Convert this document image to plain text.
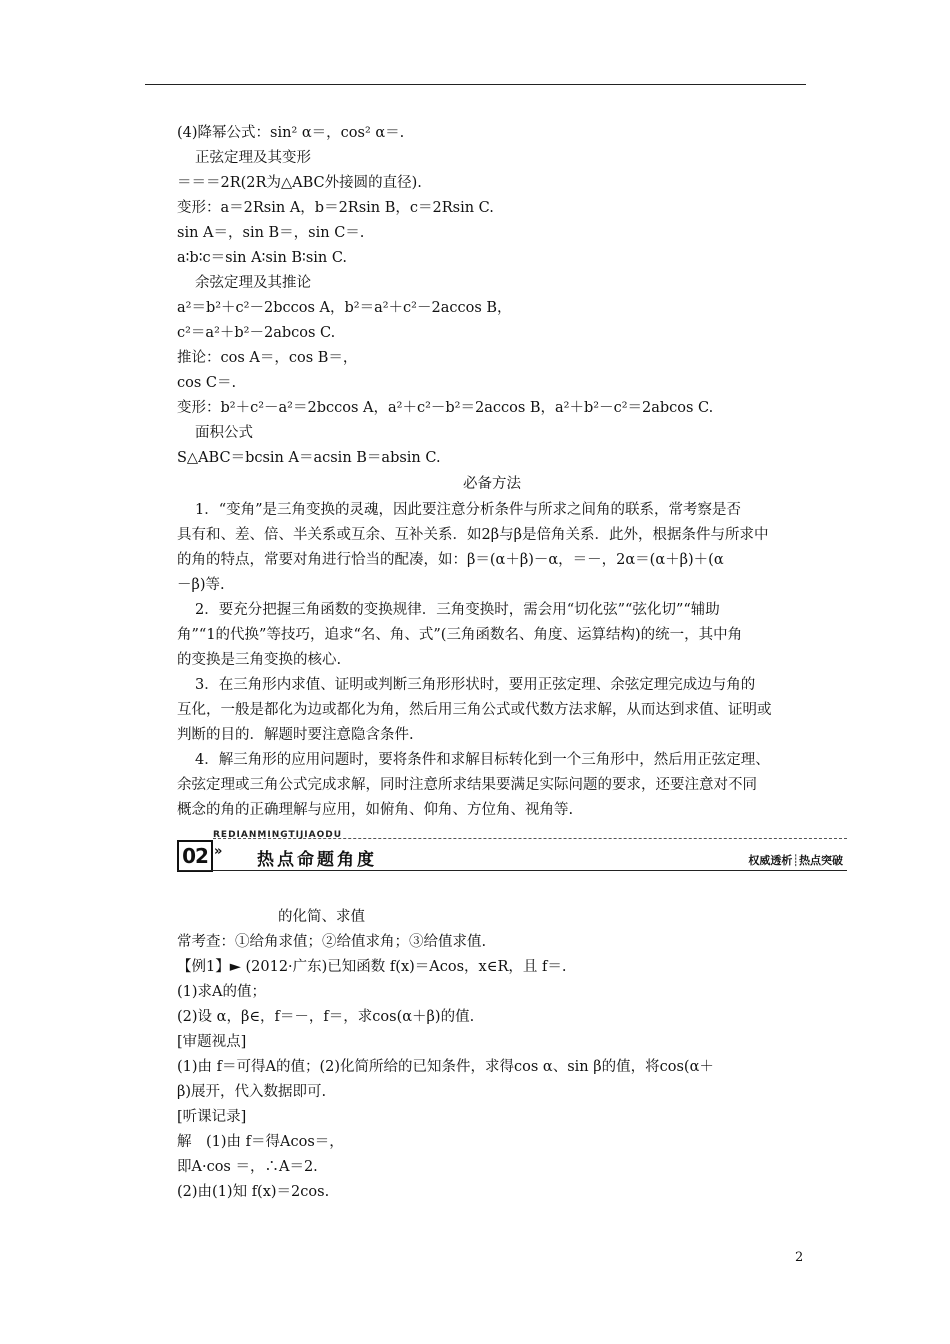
(4)降幂公式：sin² α＝，cos² α＝.
正弦定理及其变形
＝＝＝2R(2R为△ABC外接圆的直径).
变形：a＝2Rsin A，b＝2Rsin B，c＝2Rsin C.
sin A＝，sin B＝，sin C＝.
a∶b∶c＝sin A∶sin B∶sin C.
余弦定理及其推论
a²＝b²＋c²－2bccos A，b²＝a²＋c²－2accos B，
c²＝a²＋b²－2abcos C.
推论：cos A＝，cos B＝，
cos C＝.
变形：b²＋c²－a²＝2bccos A，a²＋c²－b²＝2accos B，a²＋b²－c²＝2abcos C.
面积公式
S△ABC＝bcsin A＝acsin B＝absin C.
必备方法
1．“变角”是三角变换的灵魂，因此要注意分析条件与所求之间角的联系，常考察是否
具有和、差、倍、半关系或互余、互补关系．如2β与β是倍角关系．此外，根据条件与所求中
的角的特点，常要对角进行恰当的配凑，如：β＝(α＋β)－α，＝－，2α＝(α＋β)＋(α
－β)等.
2．要充分把握三角函数的变换规律．三角变换时，需会用“切化弦”“弦化切”“辅助
角”“1的代换”等技巧，追求“名、角、式”(三角函数名、角度、运算结构)的统一，其中角
的变换是三角变换的核心.
3．在三角形内求值、证明或判断三角形形状时，要用正弦定理、余弦定理完成边与角的
互化，一般是都化为边或都化为角，然后用三角公式或代数方法求解，从而达到求值、证明或
判断的目的．解题时要注意隐含条件.
4．解三角形的应用问题时，要将条件和求解目标转化到一个三角形中，然后用正弦定理、
余弦定理或三角公式完成求解，同时注意所求结果要满足实际问题的要求，还要注意对不同
概念的角的正确理解与应用，如俯角、仰角、方位角、视角等.
REDIANMINGTIJIAODU
02 » 热点命题角度	权威透析┊热点突破
的化简、求值
常考查：①给角求值；②给值求角；③给值求值.
【例1】► (2012·广东)已知函数 f(x)＝Acos，x∈R，且 f＝.
(1)求A的值；
(2)设 α，β∈，f＝－，f＝，求cos(α＋β)的值.
[审题视点]
(1)由 f＝可得A的值；(2)化简所给的已知条件，求得cos α、sin β的值，将cos(α＋
β)展开，代入数据即可.
[听课记录]
解　(1)由 f＝得Acos＝，
即A·cos ＝，∴A＝2.
(2)由(1)知 f(x)＝2cos.
2
